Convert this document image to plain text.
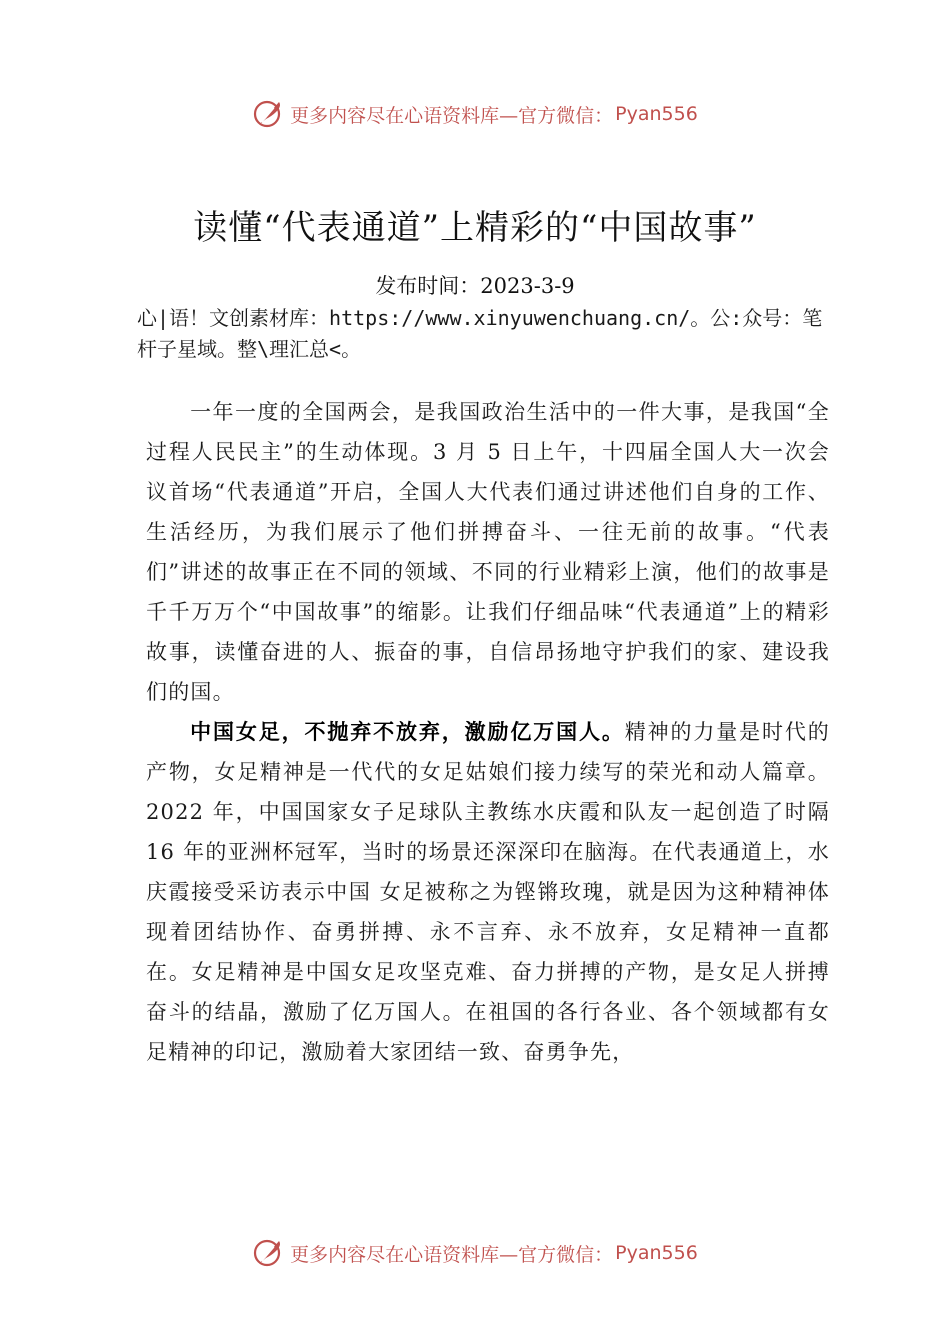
更多内容尽在心语资料库—官方微信： Pyan556
读懂“代表通道”上精彩的“中国故事”
发布时间：2023-3-9
心|语！文创素材库：https://www.xinyuwenchuang.cn/。公:众号：笔杆子星域。整\理汇总<。

一年一度的全国两会，是我国政治生活中的一件大事，是我国“全过程人民民主”的生动体现。3 月 5 日上午，十四届全国人大一次会议首场“代表通道”开启，全国人大代表们通过讲述他们自身的工作、生活经历，为我们展示了他们拼搏奋斗、一往无前的故事。“代表们”讲述的故事正在不同的领域、不同的行业精彩上演，他们的故事是千千万万个“中国故事”的缩影。让我们仔细品味“代表通道”上的精彩故事，读懂奋进的人、振奋的事，自信昂扬地守护我们的家、建设我们的国。

中国女足，不抛弃不放弃，激励亿万国人。精神的力量是时代的产物，女足精神是一代代的女足姑娘们接力续写的荣光和动人篇章。2022 年，中国国家女子足球队主教练水庆霞和队友一起创造了时隔 16 年的亚洲杯冠军，当时的场景还深深印在脑海。在代表通道上，水庆霞接受采访表示中国 女足被称之为铿锵玫瑰，就是因为这种精神体现着团结协作、奋勇拼搏、永不言弃、永不放弃，女足精神一直都在。女足精神是中国女足攻坚克难、奋力拼搏的产物，是女足人拼搏 奋斗的结晶，激励了亿万国人。在祖国的各行各业、各个领域都有女足精神的印记，激励着大家团结一致、奋勇争先，

更多内容尽在心语资料库—官方微信： Pyan556
